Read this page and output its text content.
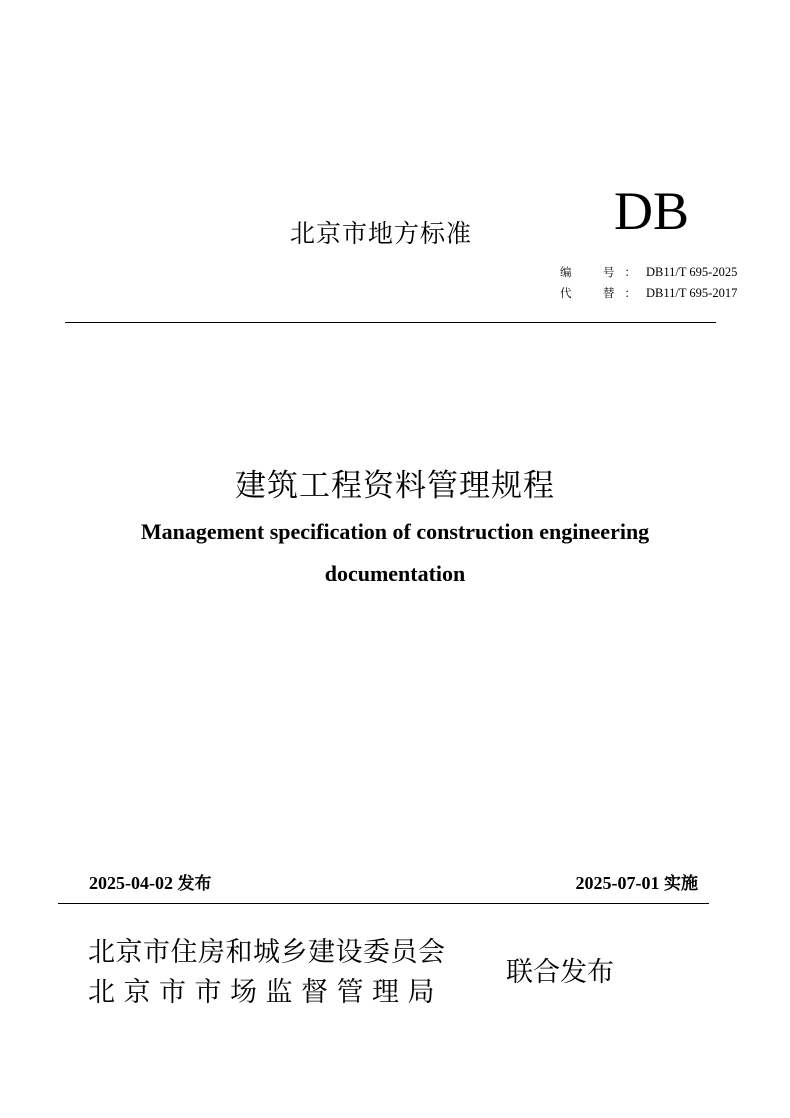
北京市地方标准	DB
编　号：DB11/T 695-2025
代　替：DB11/T 695-2017
建筑工程资料管理规程
Management specification of construction engineering
documentation
2025-04-02 发布	2025-07-01 实施
北京市住房和城乡建设委员会
北京市市场监督管理局
联合发布
